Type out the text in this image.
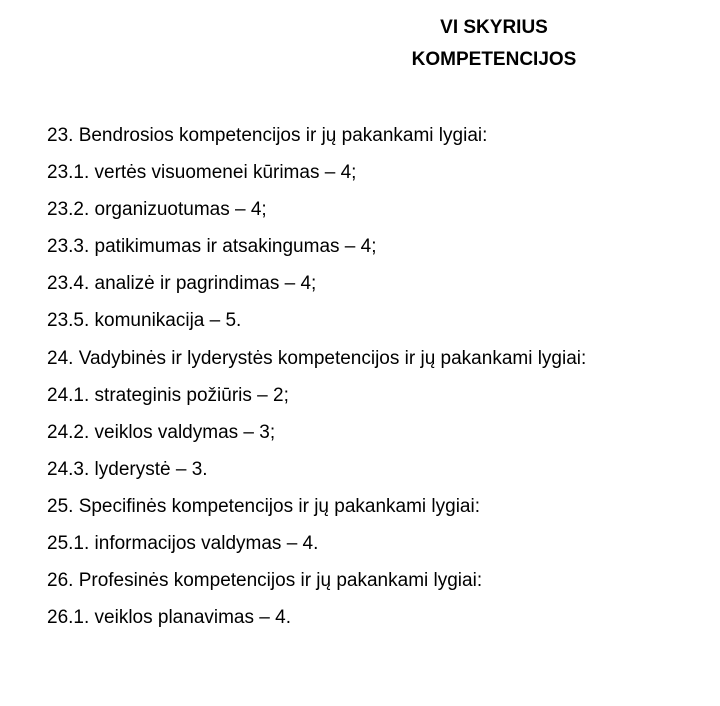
VI SKYRIUS
KOMPETENCIJOS
23. Bendrosios kompetencijos ir jų pakankami lygiai:
23.1. vertės visuomenei kūrimas – 4;
23.2. organizuotumas – 4;
23.3. patikimumas ir atsakingumas – 4;
23.4. analizė ir pagrindimas – 4;
23.5. komunikacija – 5.
24. Vadybinės ir lyderystės kompetencijos ir jų pakankami lygiai:
24.1. strateginis požiūris – 2;
24.2. veiklos valdymas – 3;
24.3. lyderystė – 3.
25. Specifinės kompetencijos ir jų pakankami lygiai:
25.1. informacijos valdymas – 4.
26. Profesinės kompetencijos ir jų pakankami lygiai:
26.1. veiklos planavimas – 4.
